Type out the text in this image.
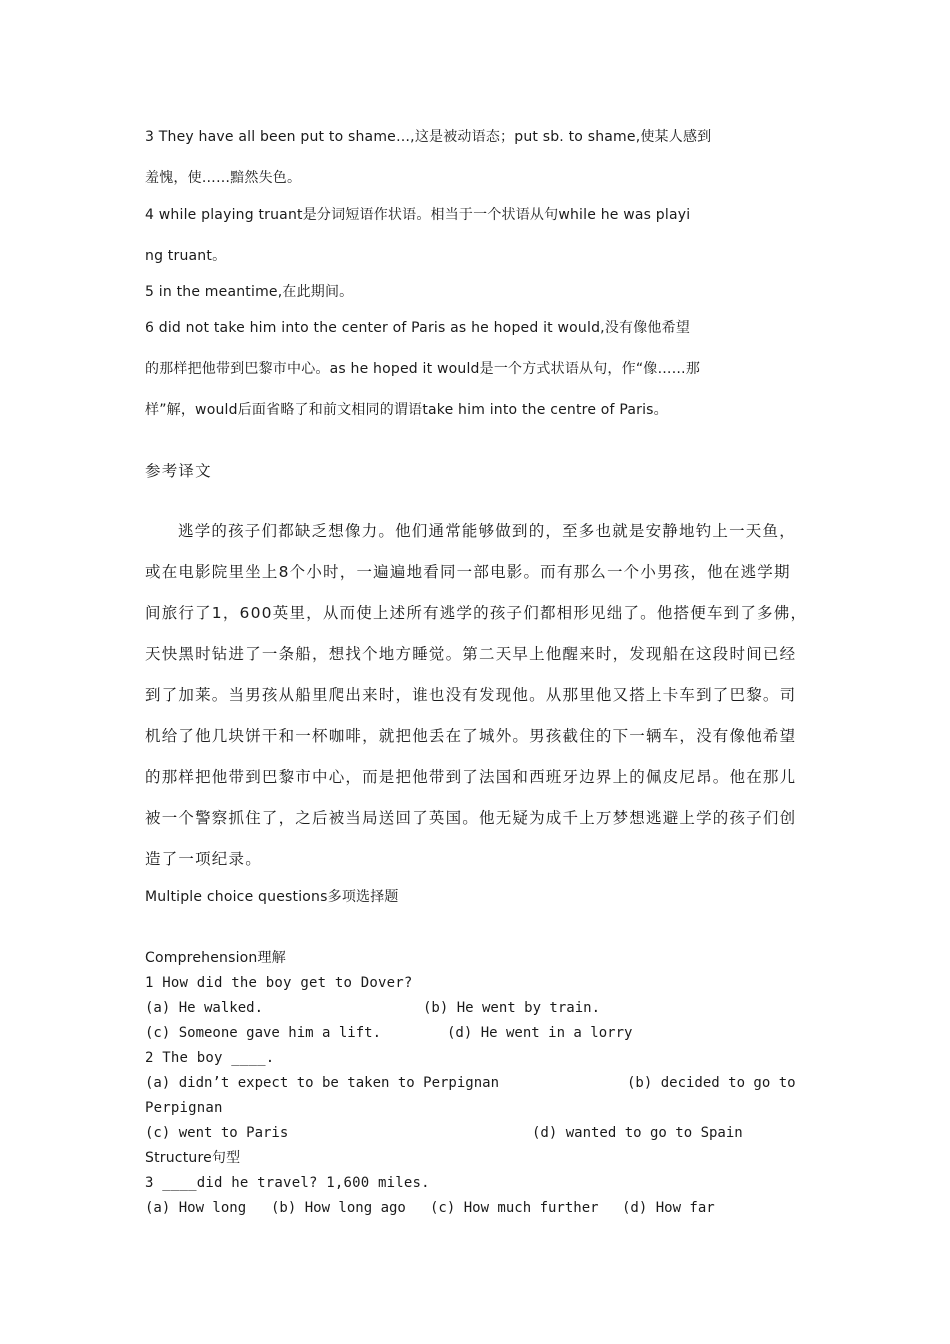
3 They have all been put to shame…,这是被动语态；put sb. to shame,使某人感到

羞愧，使……黯然失色。

4 while playing truant是分词短语作状语。相当于一个状语从句while he was playi

ng truant。

5 in the meantime,在此期间。

6 did not take him into the center of Paris as he hoped it would,没有像他希望

的那样把他带到巴黎市中心。as he hoped it would是一个方式状语从句，作“像……那

样”解，would后面省略了和前文相同的谓语take him into the centre of Paris。

参考译文

逃学的孩子们都缺乏想像力。他们通常能够做到的，至多也就是安静地钓上一天鱼，

或在电影院里坐上8个小时，一遍遍地看同一部电影。而有那么一个小男孩，他在逃学期

间旅行了1，600英里，从而使上述所有逃学的孩子们都相形见绌了。他搭便车到了多佛，

天快黑时钻进了一条船，想找个地方睡觉。第二天早上他醒来时，发现船在这段时间已经

到了加莱。当男孩从船里爬出来时，谁也没有发现他。从那里他又搭上卡车到了巴黎。司

机给了他几块饼干和一杯咖啡，就把他丢在了城外。男孩截住的下一辆车，没有像他希望

的那样把他带到巴黎市中心，而是把他带到了法国和西班牙边界上的佩皮尼昂。他在那儿

被一个警察抓住了，之后被当局送回了英国。他无疑为成千上万梦想逃避上学的孩子们创

造了一项纪录。

Multiple choice questions多项选择题

Comprehension理解

1 How did the boy get to Dover?

(a) He walked.	(b) He went by train.
(c) Someone gave him a lift.	(d) He went in a lorry

2 The boy ____.

(a) didn’t expect to be taken to Perpignan	(b) decided to go to

Perpignan

(c) went to Paris	(d) wanted to go to Spain

Structure句型

3 ____did he travel? 1,600 miles.

(a) How long (b) How long ago (c) How much further (d) How far
